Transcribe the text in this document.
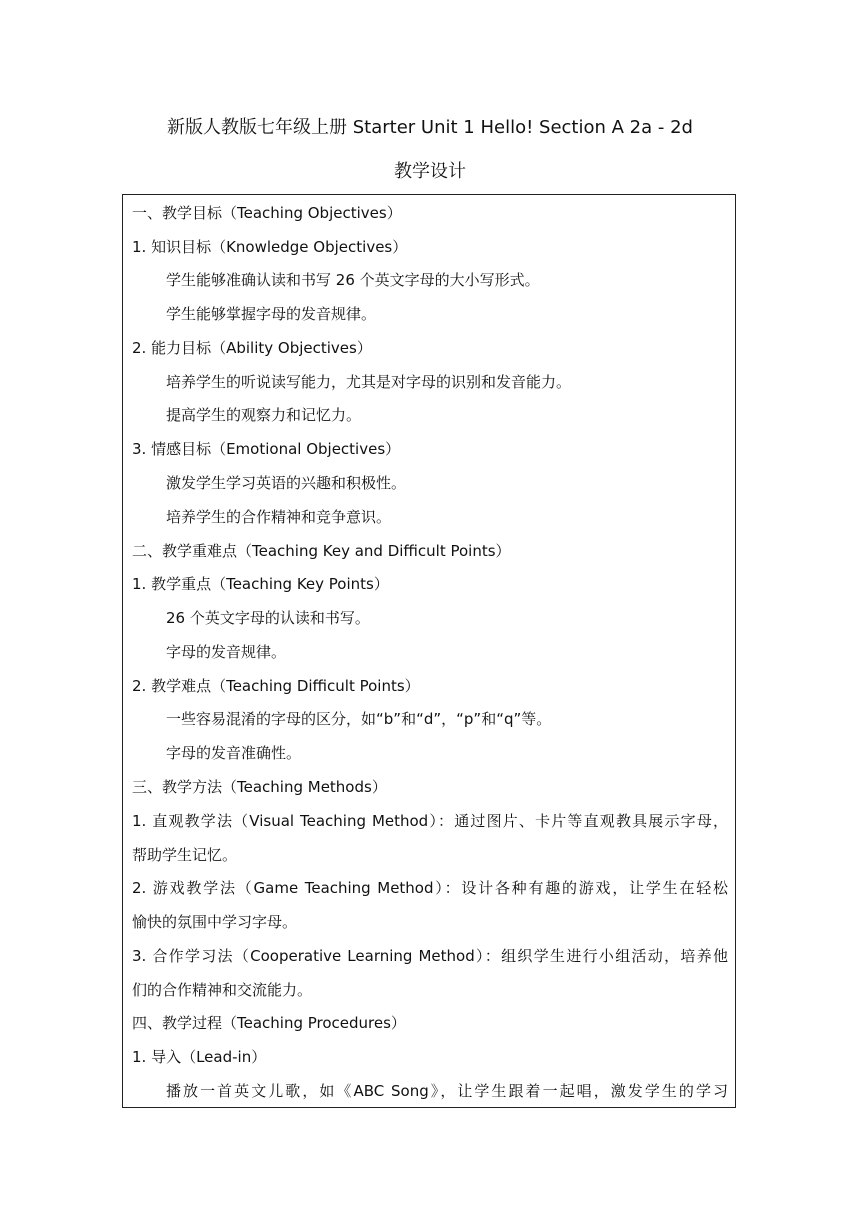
新版人教版七年级上册 Starter Unit 1 Hello! Section A 2a - 2d
教学设计
一、教学目标（Teaching Objectives）
1. 知识目标（Knowledge Objectives）
学生能够准确认读和书写 26 个英文字母的大小写形式。
学生能够掌握字母的发音规律。
2. 能力目标（Ability Objectives）
培养学生的听说读写能力，尤其是对字母的识别和发音能力。
提高学生的观察力和记忆力。
3. 情感目标（Emotional Objectives）
激发学生学习英语的兴趣和积极性。
培养学生的合作精神和竞争意识。
二、教学重难点（Teaching Key and Difficult Points）
1. 教学重点（Teaching Key Points）
26 个英文字母的认读和书写。
字母的发音规律。
2. 教学难点（Teaching Difficult Points）
一些容易混淆的字母的区分，如“b”和“d”，“p”和“q”等。
字母的发音准确性。
三、教学方法（Teaching Methods）
1. 直观教学法（Visual Teaching Method）：通过图片、卡片等直观教具展示字母，
帮助学生记忆。
2. 游戏教学法（Game Teaching Method）：设计各种有趣的游戏，让学生在轻松
愉快的氛围中学习字母。
3. 合作学习法（Cooperative Learning Method）：组织学生进行小组活动，培养他
们的合作精神和交流能力。
四、教学过程（Teaching Procedures）
1. 导入（Lead-in）
播放一首英文儿歌，如《ABC Song》，让学生跟着一起唱，激发学生的学习
